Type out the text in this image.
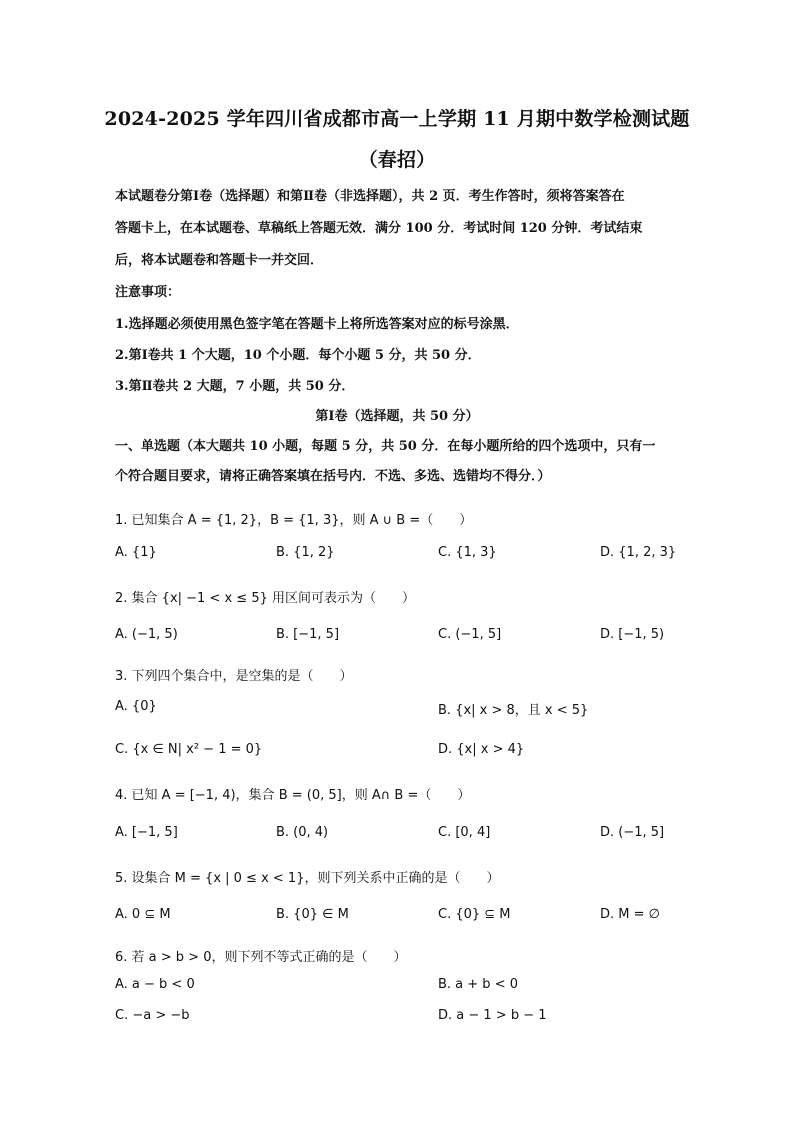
2024-2025 学年四川省成都市高一上学期 11 月期中数学检测试题
（春招）
本试题卷分第Ⅰ卷（选择题）和第Ⅱ卷（非选择题），共 2 页．考生作答时，须将答案答在
答题卡上，在本试题卷、草稿纸上答题无效．满分 100 分．考试时间 120 分钟．考试结束
后，将本试题卷和答题卡一并交回．
注意事项：
1.选择题必须使用黑色签字笔在答题卡上将所选答案对应的标号涂黑．
2.第Ⅰ卷共 1 个大题，10 个小题．每个小题 5 分，共 50 分．
3.第Ⅱ卷共 2 大题，7 小题，共 50 分．
第Ⅰ卷（选择题，共 50 分）
一、单选题（本大题共 10 小题，每题 5 分，共 50 分．在每小题所给的四个选项中，只有一
个符合题目要求，请将正确答案填在括号内．不选、多选、选错均不得分．）
1. 已知集合 A = {1, 2}，B = {1, 3}，则 A ∪ B =（　　）
A. {1}	B. {1, 2}	C. {1, 3}	D. {1, 2, 3}
2. 集合 {x| −1 < x ≤ 5} 用区间可表示为（　　）
A. (−1, 5)	B. [−1, 5]	C. (−1, 5]	D. [−1, 5)
3. 下列四个集合中，是空集的是（　　）
A. {0}	B. {x| x > 8，且 x < 5}
C. {x ∈ N| x² − 1 = 0}	D. {x| x > 4}
4. 已知 A = [−1, 4)，集合 B = (0, 5]，则 A∩ B =（　　）
A. [−1, 5]	B. (0, 4)	C. [0, 4]	D. (−1, 5]
5. 设集合 M = {x | 0 ≤ x < 1}，则下列关系中正确的是（　　）
A. 0 ⊆ M	B. {0} ∈ M	C. {0} ⊆ M	D. M = ∅
6. 若 a > b > 0，则下列不等式正确的是（　　）
A. a − b < 0	B. a + b < 0
C. −a > −b	D. a − 1 > b − 1
